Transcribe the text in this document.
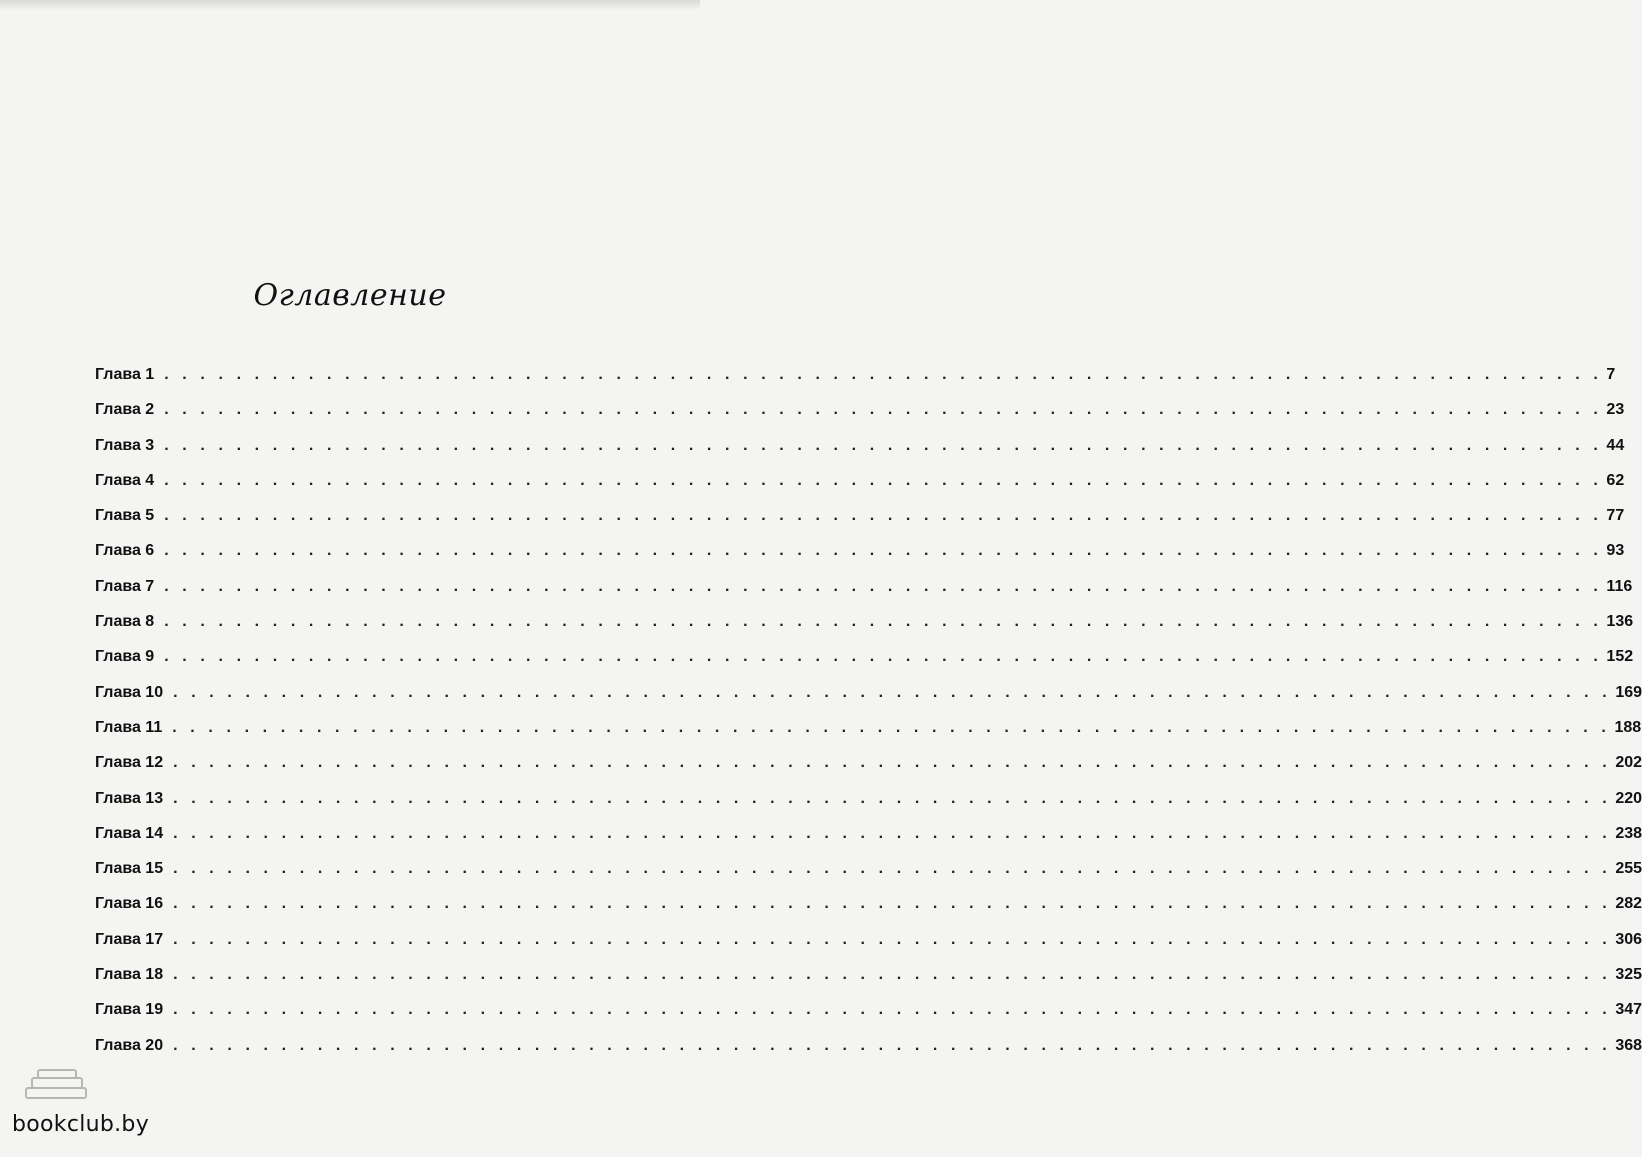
Оглавление
Глава 1 . . . . . . . . . . . . . . . . . . . . . . . . . . . . . . . . . . . . . . . . . . . . . . . . . . . . . . . . . . . . . . . . . . . . . . . . . . . . . . . . 7
Глава 2 . . . . . . . . . . . . . . . . . . . . . . . . . . . . . . . . . . . . . . . . . . . . . . . . . . . . . . . . . . . . . . . . . . . . . . . . . . . . . . . . 23
Глава 3 . . . . . . . . . . . . . . . . . . . . . . . . . . . . . . . . . . . . . . . . . . . . . . . . . . . . . . . . . . . . . . . . . . . . . . . . . . . . . . . . 44
Глава 4 . . . . . . . . . . . . . . . . . . . . . . . . . . . . . . . . . . . . . . . . . . . . . . . . . . . . . . . . . . . . . . . . . . . . . . . . . . . . . . . . 62
Глава 5 . . . . . . . . . . . . . . . . . . . . . . . . . . . . . . . . . . . . . . . . . . . . . . . . . . . . . . . . . . . . . . . . . . . . . . . . . . . . . . . . 77
Глава 6 . . . . . . . . . . . . . . . . . . . . . . . . . . . . . . . . . . . . . . . . . . . . . . . . . . . . . . . . . . . . . . . . . . . . . . . . . . . . . . . . 93
Глава 7 . . . . . . . . . . . . . . . . . . . . . . . . . . . . . . . . . . . . . . . . . . . . . . . . . . . . . . . . . . . . . . . . . . . . . . . . . . . . . . . . 116
Глава 8 . . . . . . . . . . . . . . . . . . . . . . . . . . . . . . . . . . . . . . . . . . . . . . . . . . . . . . . . . . . . . . . . . . . . . . . . . . . . . . . . 136
Глава 9 . . . . . . . . . . . . . . . . . . . . . . . . . . . . . . . . . . . . . . . . . . . . . . . . . . . . . . . . . . . . . . . . . . . . . . . . . . . . . . . . 152
Глава 10 . . . . . . . . . . . . . . . . . . . . . . . . . . . . . . . . . . . . . . . . . . . . . . . . . . . . . . . . . . . . . . . . . . . . . . . . . . . . . . . . 169
Глава 11 . . . . . . . . . . . . . . . . . . . . . . . . . . . . . . . . . . . . . . . . . . . . . . . . . . . . . . . . . . . . . . . . . . . . . . . . . . . . . . . . 188
Глава 12 . . . . . . . . . . . . . . . . . . . . . . . . . . . . . . . . . . . . . . . . . . . . . . . . . . . . . . . . . . . . . . . . . . . . . . . . . . . . . . . . 202
Глава 13 . . . . . . . . . . . . . . . . . . . . . . . . . . . . . . . . . . . . . . . . . . . . . . . . . . . . . . . . . . . . . . . . . . . . . . . . . . . . . . . . 220
Глава 14 . . . . . . . . . . . . . . . . . . . . . . . . . . . . . . . . . . . . . . . . . . . . . . . . . . . . . . . . . . . . . . . . . . . . . . . . . . . . . . . . 238
Глава 15 . . . . . . . . . . . . . . . . . . . . . . . . . . . . . . . . . . . . . . . . . . . . . . . . . . . . . . . . . . . . . . . . . . . . . . . . . . . . . . . . 255
Глава 16 . . . . . . . . . . . . . . . . . . . . . . . . . . . . . . . . . . . . . . . . . . . . . . . . . . . . . . . . . . . . . . . . . . . . . . . . . . . . . . . . 282
Глава 17 . . . . . . . . . . . . . . . . . . . . . . . . . . . . . . . . . . . . . . . . . . . . . . . . . . . . . . . . . . . . . . . . . . . . . . . . . . . . . . . . 306
Глава 18 . . . . . . . . . . . . . . . . . . . . . . . . . . . . . . . . . . . . . . . . . . . . . . . . . . . . . . . . . . . . . . . . . . . . . . . . . . . . . . . . 325
Глава 19 . . . . . . . . . . . . . . . . . . . . . . . . . . . . . . . . . . . . . . . . . . . . . . . . . . . . . . . . . . . . . . . . . . . . . . . . . . . . . . . . 347
Глава 20 . . . . . . . . . . . . . . . . . . . . . . . . . . . . . . . . . . . . . . . . . . . . . . . . . . . . . . . . . . . . . . . . . . . . . . . . . . . . . . . . 368
bookclub.by
